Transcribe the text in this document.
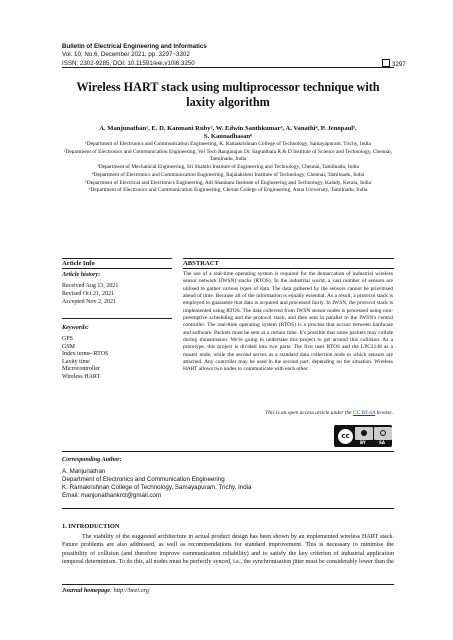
Bulletin of Electrical Engineering and Informatics
Vol. 10, No.6, December 2021, pp. 3297~3302
ISSN: 2302-9285, DOI: 10.11591/eei.v10i6.3250	3297
Wireless HART stack using multiprocessor technique with laxity algorithm
A. Manjunathan¹, E. D. Kanmani Ruby², W. Edwin Santhkumar³, A. Vanathi⁴, P. Jenopaul⁵,
S. Kannadhasan⁶
¹Department of Electronics and Communication Engineering, K. Ramakrishnan College of Technology, Samayapuram, Trichy, India
²Department of Electronics and Communication Engineering, Vel Tech Rangarajan Dr. Sagunthala R & D Institute of Science and Technology, Chennai, Tamilnadu, India
³Department of Mechanical Engineering, Sri Shakthi Institute of Engineering and Technology, Chennai, Tamilnadu, India
⁴Department of Electronics and Communication Engineering, Rajalakshmi Institute of Technology, Chennai, Tamilnadu, India
⁵Department of Electrical and Electronics Engineering, Adi Shankara Institute of Engineering and Technology, Kalady, Kerala, India
⁶Department of Electronics and Communication Engineering, Cheran College of Engineering, Anna University, Tamilnadu, India
Article Info	ABSTRACT
Article history:
Received Aug 13, 2021
Revised Oct 21, 2021
Accepted Nov 2, 2021
Keywords:
GPS
GSM
Index terms–RTOS
Laxity time
Microcontroller
Wireless HART
The use of a real-time operating system is required for the demarcation of industrial wireless sensor network (IWSN) stacks (RTOS). In the industrial world, a vast number of sensors are utilised to gather various types of data. The data gathered by the sensors cannot be prioritised ahead of time. Because all of the information is equally essential. As a result, a protocol stack is employed to guarantee that data is acquired and processed fairly. In IWSN, the protocol stack is implemented using RTOS. The data collected from IWSN sensor nodes is processed using non-preemptive scheduling and the protocol stack, and then sent in parallel to the IWSN's central controller. The real-time operating system (RTOS) is a process that occurs between hardware and software. Packets must be sent at a certain time. It's possible that some packets may collide during transmission. We're going to undertake this project to get around this collision. As a prototype, this project is divided into two parts. The first uses RTOS and the LPC2148 as a master node, while the second serves as a standard data collection node to which sensors are attached. Any controller may be used in the second part, depending on the situation. Wireless HART allows two nodes to communicate with each other.
This is an open access article under the CC BY-SA license.
cc
BY	SA
Corresponding Author:
A. Manjunathan
Department of Electronics and Communication Engineering
K. Ramakrishnan College of Technology, Samayapuram, Trichy, India
Email: manjunathankrct@gmail.com
1. INTRODUCTION
The viability of the suggested architecture in actual product design has been shown by an implemented wireless HART stack. Future problems are also addressed, as well as recommendations for standard improvement. This is necessary to minimise the possibility of collision (and therefore improve communication reliability) and to satisfy the key criterion of industrial application temporal determinism. To do this, all nodes must be perfectly synced, i.e., the synchronisation jitter must be considerably lower than the
Journal homepage: http://beei.org
